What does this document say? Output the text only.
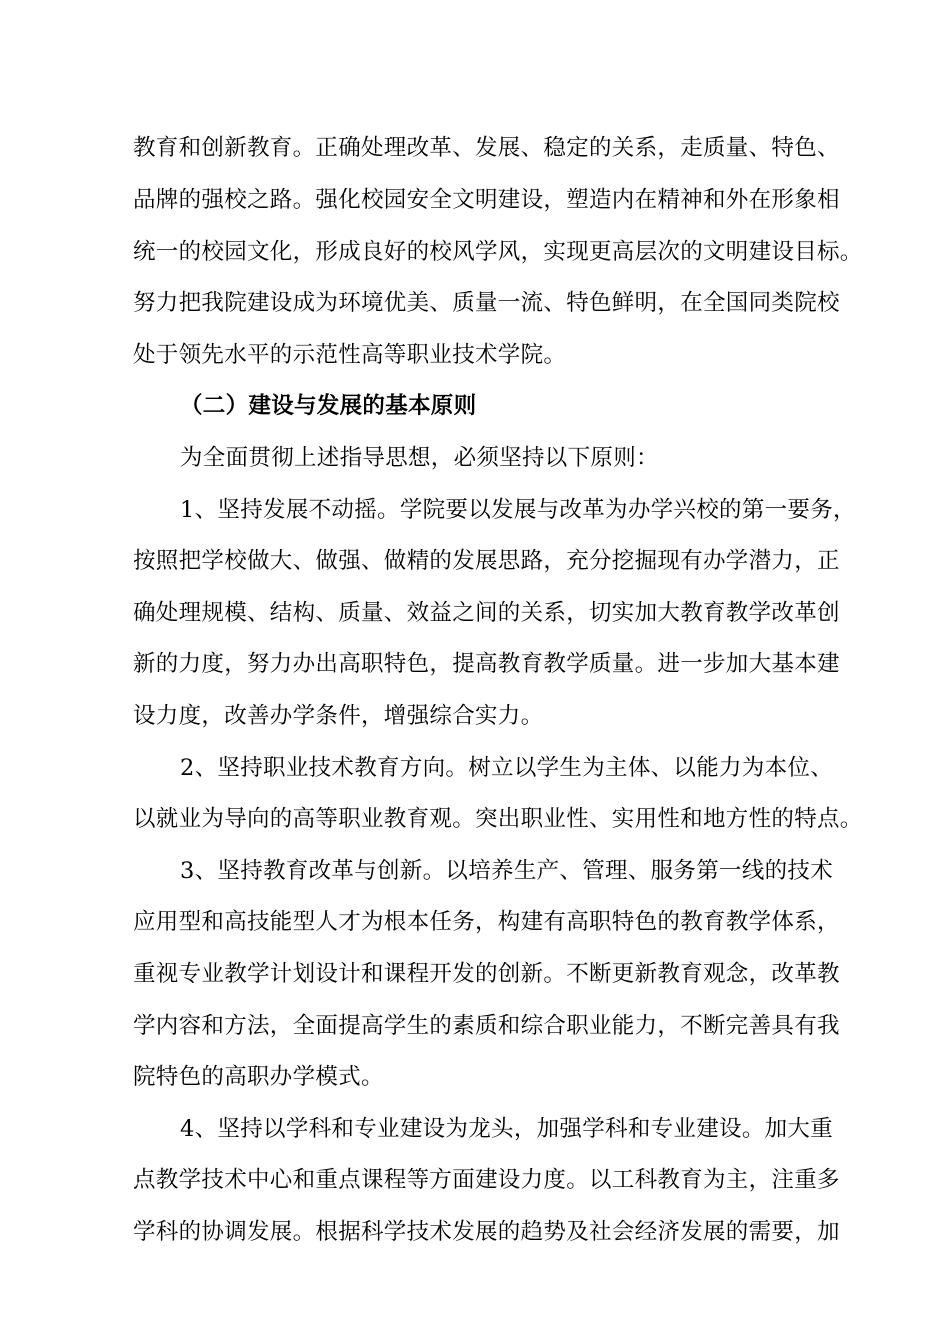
教育和创新教育。正确处理改革、发展、稳定的关系，走质量、特色、
品牌的强校之路。强化校园安全文明建设，塑造内在精神和外在形象相
统一的校园文化，形成良好的校风学风，实现更高层次的文明建设目标。
努力把我院建设成为环境优美、质量一流、特色鲜明，在全国同类院校
处于领先水平的示范性高等职业技术学院。
（二）建设与发展的基本原则
为全面贯彻上述指导思想，必须坚持以下原则：
1、坚持发展不动摇。学院要以发展与改革为办学兴校的第一要务，
按照把学校做大、做强、做精的发展思路，充分挖掘现有办学潜力，正
确处理规模、结构、质量、效益之间的关系，切实加大教育教学改革创
新的力度，努力办出高职特色，提高教育教学质量。进一步加大基本建
设力度，改善办学条件，增强综合实力。
2、坚持职业技术教育方向。树立以学生为主体、以能力为本位、
以就业为导向的高等职业教育观。突出职业性、实用性和地方性的特点。
3、坚持教育改革与创新。以培养生产、管理、服务第一线的技术
应用型和高技能型人才为根本任务，构建有高职特色的教育教学体系，
重视专业教学计划设计和课程开发的创新。不断更新教育观念，改革教
学内容和方法，全面提高学生的素质和综合职业能力，不断完善具有我
院特色的高职办学模式。
4、坚持以学科和专业建设为龙头，加强学科和专业建设。加大重
点教学技术中心和重点课程等方面建设力度。以工科教育为主，注重多
学科的协调发展。根据科学技术发展的趋势及社会经济发展的需要，加
